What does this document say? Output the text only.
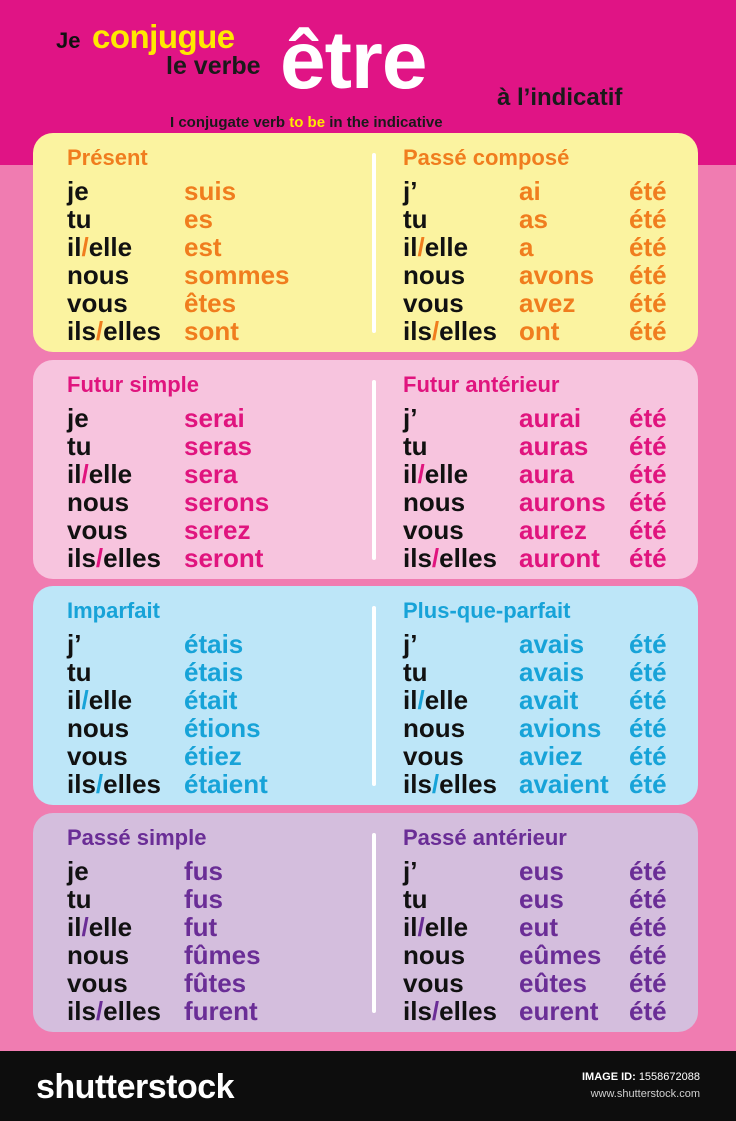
Je conjugue
le verbe être	à l’indicatif
I conjugate verb to be in the indicative
Présent
je	suis
tu	es
il/elle est
nous sommes
vous êtes
ils/elles sont
Passé composé
j’	ai	été
tu	as	été
il/elle a	été
nous avons été
vous avez été
ils/elles ont	été
Futur simple
je	serai
tu	seras
il/elle sera
nous serons
vous serez
ils/elles seront
Futur antérieur
j’	aurai été
tu	auras été
il/elle aura été
nous aurons été
vous aurez été
ils/elles auront été
Imparfait
j’	étais
tu	étais
il/elle était
nous étions
vous étiez
ils/elles étaient
Plus-que-parfait
j’	avais été
tu	avais été
il/elle avait été
nous avions été
vous aviez été
ils/elles avaient été
Passé simple
je	fus
tu	fus
il/elle fut
nous fûmes
vous fûtes
ils/elles furent
Passé antérieur
j’	eus	été
tu	eus	été
il/elle eut	été
nous eûmes été
vous eûtes été
ils/elles eurent été
shutterstock	IMAGE ID: 1558672088
www.shutterstock.com
